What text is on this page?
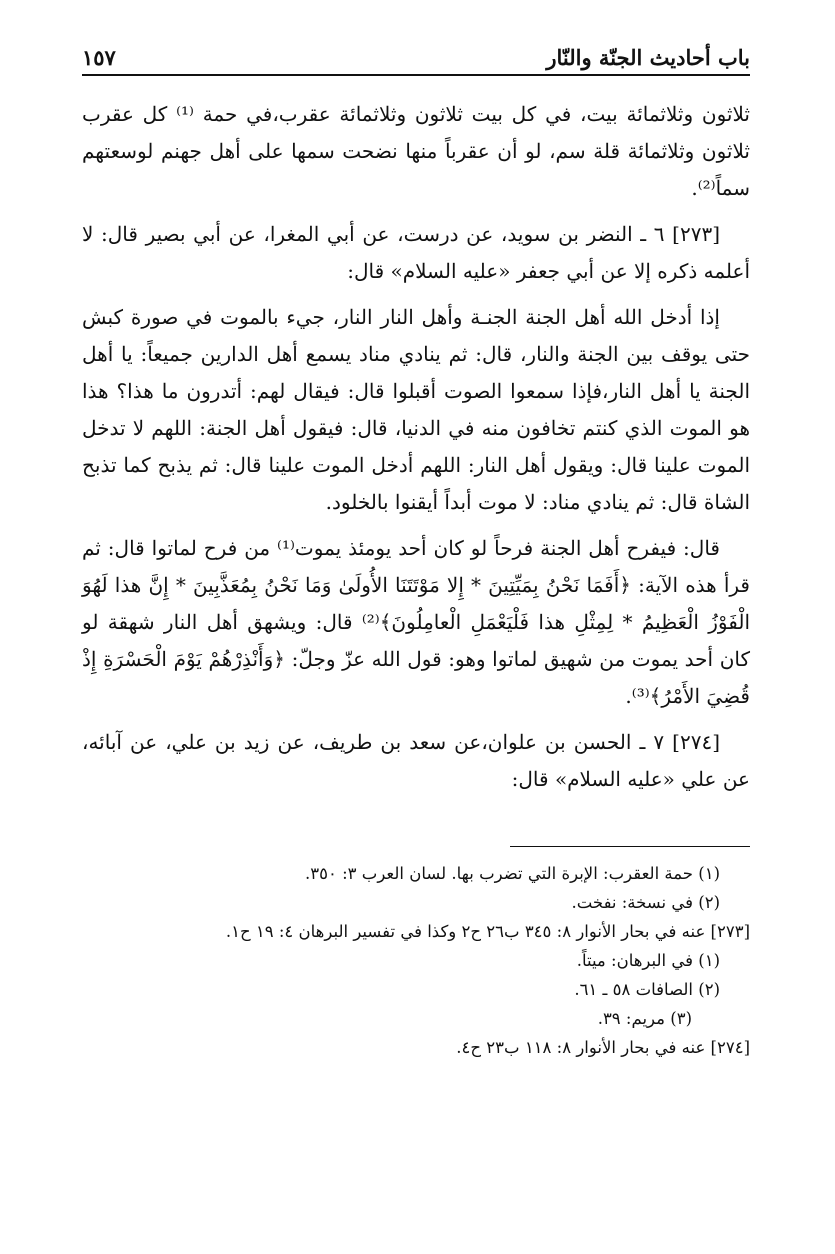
باب أحاديث الجنّة والنّار
١٥٧

ثلاثون وثلاثمائة بيت، في كل بيت ثلاثون وثلاثمائة عقرب،في حمة ⁽¹⁾ كل عقرب ثلاثون وثلاثمائة قلة سم، لو أن عقرباً منها نضحت سمها على أهل جهنم لوسعتهم سماً⁽²⁾.

[٢٧٣] ٦ ـ النضر بن سويد، عن درست، عن أبي المغرا، عن أبي بصير قال: لا أعلمه ذكره إلا عن أبي جعفر «عليه السلام» قال:

إذا أدخل الله أهل الجنة الجنـة وأهل النار النار، جيء بالموت في صورة كبش حتى يوقف بين الجنة والنار، قال: ثم ينادي مناد يسمع أهل الدارين جميعاً: يا أهل الجنة يا أهل النار،فإذا سمعوا الصوت أقبلوا قال: فيقال لهم: أتدرون ما هذا؟ هذا هو الموت الذي كنتم تخافون منه في الدنيا، قال: فيقول أهل الجنة: اللهم لا تدخل الموت علينا قال: ويقول أهل النار: اللهم أدخل الموت علينا قال: ثم يذبح كما تذبح الشاة قال: ثم ينادي مناد: لا موت أبداً أيقنوا بالخلود.

قال: فيفرح أهل الجنة فرحاً لو كان أحد يومئذ يموت⁽¹⁾ من فرح لماتوا قال: ثم قرأ هذه الآية: ﴿أَفَمَا نَحْنُ بِمَيِّتِينَ * إِلا مَوْتَتَنَا الأُولَىٰ وَمَا نَحْنُ بِمُعَذَّبِينَ * إِنَّ هذا لَهُوَ الْفَوْزُ الْعَظِيمُ * لِمِثْلِ هذا فَلْيَعْمَلِ الْعامِلُونَ﴾⁽²⁾ قال: ويشهق أهل النار شهقة لو كان أحد يموت من شهيق لماتوا وهو: قول الله عزّ وجلّ: ﴿وَأَنْذِرْهُمْ يَوْمَ الْحَسْرَةِ إِذْ قُضِيَ الأَمْرُ﴾⁽³⁾.

[٢٧٤] ٧ ـ الحسن بن علوان،عن سعد بن طريف، عن زيد بن علي، عن آبائه، عن علي «عليه السلام» قال:

(١) حمة العقرب: الإبرة التي تضرب بها. لسان العرب ٣: ٣٥٠.

(٢) في نسخة: نفخت.

[٢٧٣] عنه في بحار الأنوار ٨: ٣٤٥ ب٢٦ ح٢ وكذا في تفسير البرهان ٤: ١٩ ح١.

(١) في البرهان: ميتاً.

(٢) الصافات ٥٨ ـ ٦١.

(٣) مريم: ٣٩.

[٢٧٤] عنه في بحار الأنوار ٨: ١١٨ ب٢٣ ح٤.
